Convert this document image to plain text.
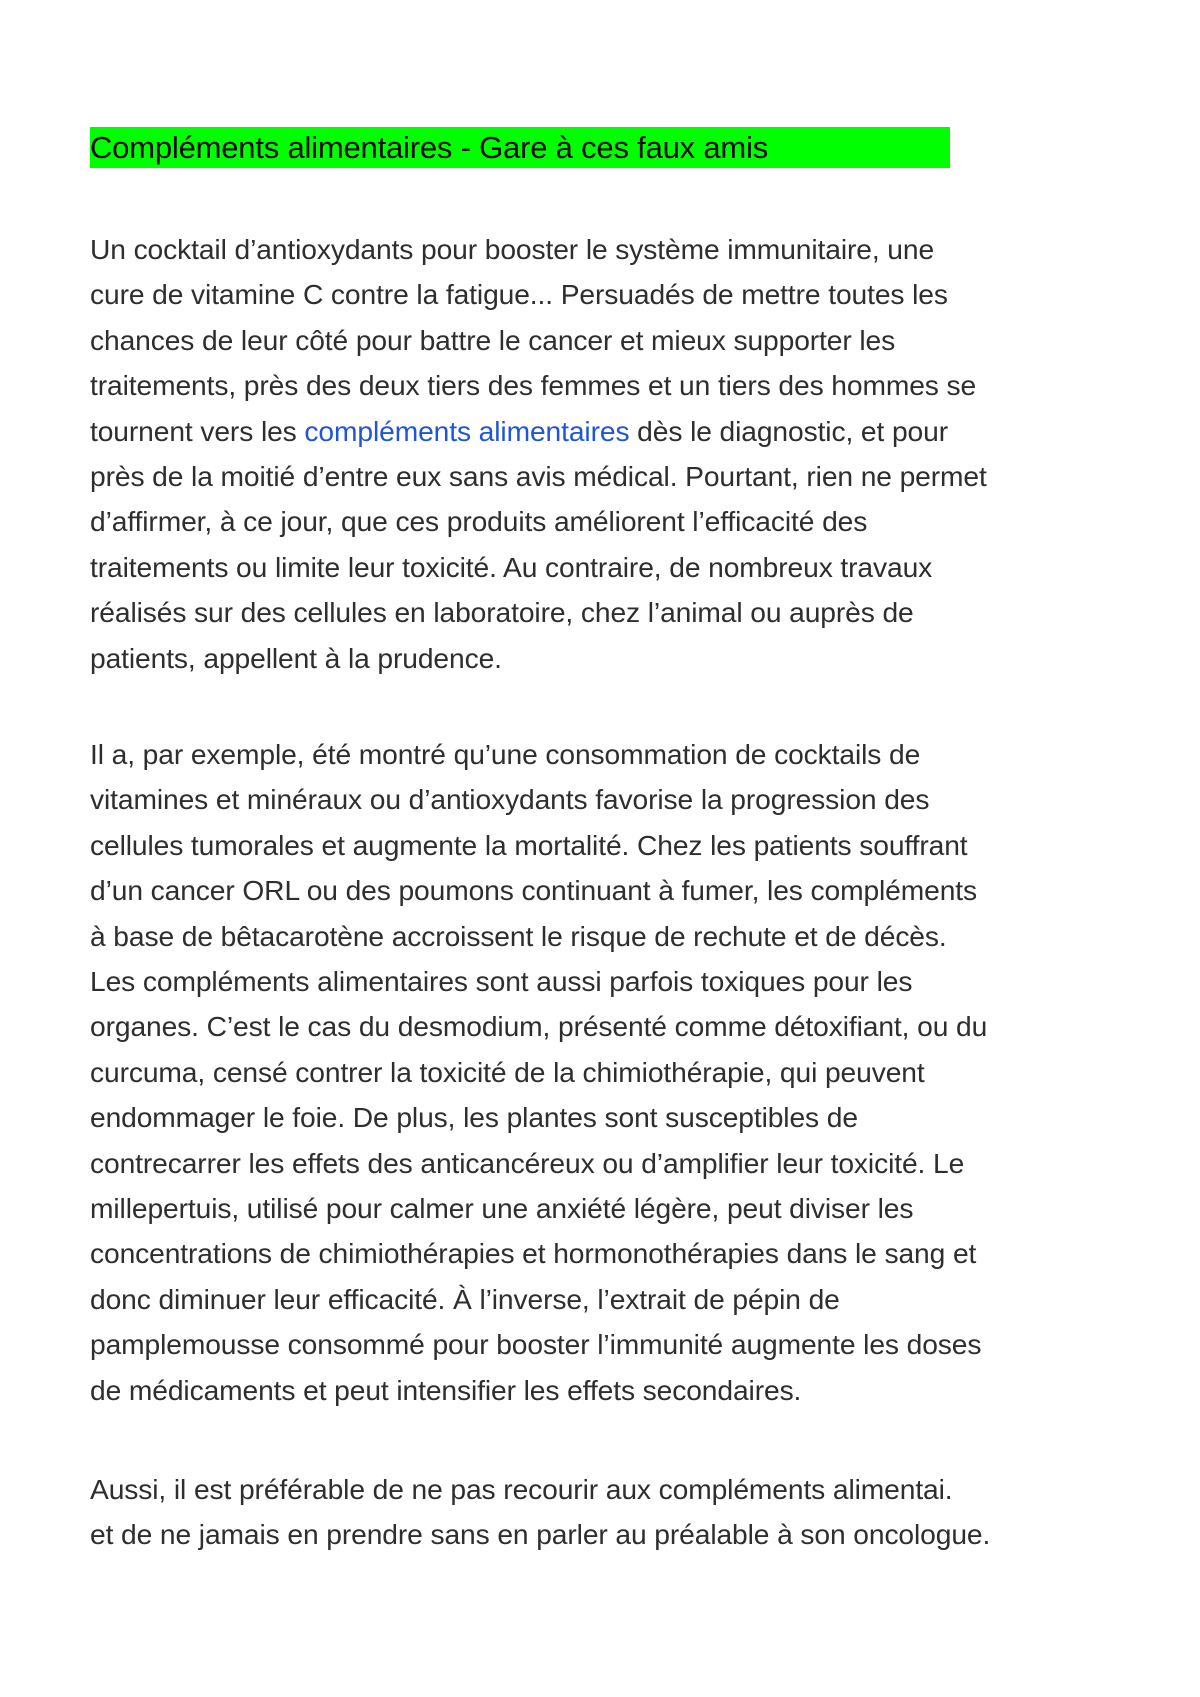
Compléments alimentaires - Gare à ces faux amis
Un cocktail d’antioxydants pour booster le système immunitaire, une
cure de vitamine C contre la fatigue... Persuadés de mettre toutes les
chances de leur côté pour battre le cancer et mieux supporter les
traitements, près des deux tiers des femmes et un tiers des hommes se
tournent vers les compléments alimentaires dès le diagnostic, et pour
près de la moitié d’entre eux sans avis médical. Pourtant, rien ne permet
d’affirmer, à ce jour, que ces produits améliorent l’efficacité des
traitements ou limite leur toxicité. Au contraire, de nombreux travaux
réalisés sur des cellules en laboratoire, chez l’animal ou auprès de
patients, appellent à la prudence.
Il a, par exemple, été montré qu’une consommation de cocktails de
vitamines et minéraux ou d’antioxydants favorise la progression des
cellules tumorales et augmente la mortalité. Chez les patients souffrant
d’un cancer ORL ou des poumons continuant à fumer, les compléments
à base de bêtacarotène accroissent le risque de rechute et de décès.
Les compléments alimentaires sont aussi parfois toxiques pour les
organes. C’est le cas du desmodium, présenté comme détoxifiant, ou du
curcuma, censé contrer la toxicité de la chimiothérapie, qui peuvent
endommager le foie. De plus, les plantes sont susceptibles de
contrecarrer les effets des anticancéreux ou d’amplifier leur toxicité. Le
millepertuis, utilisé pour calmer une anxiété légère, peut diviser les
concentrations de chimiothérapies et hormonothérapies dans le sang et
donc diminuer leur efficacité. À l’inverse, l’extrait de pépin de
pamplemousse consommé pour booster l’immunité augmente les doses
de médicaments et peut intensifier les effets secondaires.
Aussi, il est préférable de ne pas recourir aux compléments alimentai.
et de ne jamais en prendre sans en parler au préalable à son oncologue.
